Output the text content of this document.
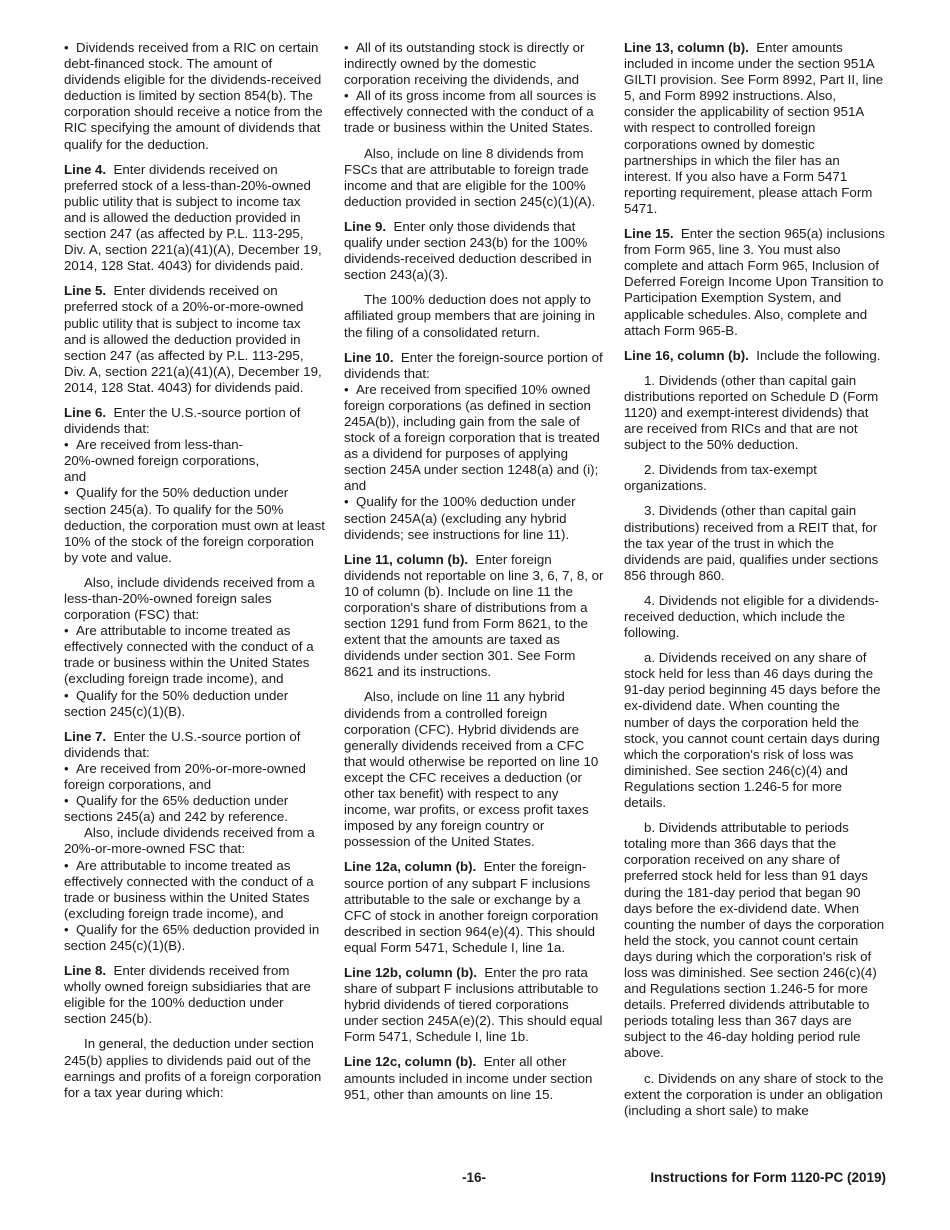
•  Dividends received from a RIC on certain debt-financed stock. The amount of dividends eligible for the dividends-received deduction is limited by section 854(b). The corporation should receive a notice from the RIC specifying the amount of dividends that qualify for the deduction.

Line 4. Enter dividends received on preferred stock of a less-than-20%-owned public utility that is subject to income tax and is allowed the deduction provided in section 247 (as affected by P.L. 113-295, Div. A, section 221(a)(41)(A), December 19, 2014, 128 Stat. 4043) for dividends paid.

Line 5. Enter dividends received on preferred stock of a 20%-or-more-owned public utility that is subject to income tax and is allowed the deduction provided in section 247 (as affected by P.L. 113-295, Div. A, section 221(a)(41)(A), December 19, 2014, 128 Stat. 4043) for dividends paid.

Line 6. Enter the U.S.-source portion of dividends that:

•  Are received from less-than-20%-owned foreign corporations, and

•  Qualify for the 50% deduction under section 245(a). To qualify for the 50% deduction, the corporation must own at least 10% of the stock of the foreign corporation by vote and value.

Also, include dividends received from a less-than-20%-owned foreign sales corporation (FSC) that:

•  Are attributable to income treated as effectively connected with the conduct of a trade or business within the United States (excluding foreign trade income), and

•  Qualify for the 50% deduction under section 245(c)(1)(B).

Line 7. Enter the U.S.-source portion of dividends that:

•  Are received from 20%-or-more-owned foreign corporations, and

•  Qualify for the 65% deduction under sections 245(a) and 242 by reference.

Also, include dividends received from a 20%-or-more-owned FSC that:

•  Are attributable to income treated as effectively connected with the conduct of a trade or business within the United States (excluding foreign trade income), and

•  Qualify for the 65% deduction provided in section 245(c)(1)(B).

Line 8. Enter dividends received from wholly owned foreign subsidiaries that are eligible for the 100% deduction under section 245(b).

In general, the deduction under section 245(b) applies to dividends paid out of the earnings and profits of a foreign corporation for a tax year during which:

•  All of its outstanding stock is directly or indirectly owned by the domestic corporation receiving the dividends, and

•  All of its gross income from all sources is effectively connected with the conduct of a trade or business within the United States.

Also, include on line 8 dividends from FSCs that are attributable to foreign trade income and that are eligible for the 100% deduction provided in section 245(c)(1)(A).

Line 9. Enter only those dividends that qualify under section 243(b) for the 100% dividends-received deduction described in section 243(a)(3).

The 100% deduction does not apply to affiliated group members that are joining in the filing of a consolidated return.

Line 10. Enter the foreign-source portion of dividends that:

•  Are received from specified 10% owned foreign corporations (as defined in section 245A(b)), including gain from the sale of stock of a foreign corporation that is treated as a dividend for purposes of applying section 245A under section 1248(a) and (i); and

•  Qualify for the 100% deduction under section 245A(a) (excluding any hybrid dividends; see instructions for line 11).

Line 11, column (b). Enter foreign dividends not reportable on line 3, 6, 7, 8, or 10 of column (b). Include on line 11 the corporation's share of distributions from a section 1291 fund from Form 8621, to the extent that the amounts are taxed as dividends under section 301. See Form 8621 and its instructions.

Also, include on line 11 any hybrid dividends from a controlled foreign corporation (CFC). Hybrid dividends are generally dividends received from a CFC that would otherwise be reported on line 10 except the CFC receives a deduction (or other tax benefit) with respect to any income, war profits, or excess profit taxes imposed by any foreign country or possession of the United States.

Line 12a, column (b). Enter the foreign-source portion of any subpart F inclusions attributable to the sale or exchange by a CFC of stock in another foreign corporation described in section 964(e)(4). This should equal Form 5471, Schedule I, line 1a.

Line 12b, column (b). Enter the pro rata share of subpart F inclusions attributable to hybrid dividends of tiered corporations under section 245A(e)(2). This should equal Form 5471, Schedule I, line 1b.

Line 12c, column (b). Enter all other amounts included in income under section 951, other than amounts on line 15.

Line 13, column (b). Enter amounts included in income under the section 951A GILTI provision. See Form 8992, Part II, line 5, and Form 8992 instructions. Also, consider the applicability of section 951A with respect to controlled foreign corporations owned by domestic partnerships in which the filer has an interest. If you also have a Form 5471 reporting requirement, please attach Form 5471.

Line 15. Enter the section 965(a) inclusions from Form 965, line 3. You must also complete and attach Form 965, Inclusion of Deferred Foreign Income Upon Transition to Participation Exemption System, and applicable schedules. Also, complete and attach Form 965-B.

Line 16, column (b). Include the following.

1. Dividends (other than capital gain distributions reported on Schedule D (Form 1120) and exempt-interest dividends) that are received from RICs and that are not subject to the 50% deduction.

2. Dividends from tax-exempt organizations.

3. Dividends (other than capital gain distributions) received from a REIT that, for the tax year of the trust in which the dividends are paid, qualifies under sections 856 through 860.

4. Dividends not eligible for a dividends-received deduction, which include the following.

a. Dividends received on any share of stock held for less than 46 days during the 91-day period beginning 45 days before the ex-dividend date. When counting the number of days the corporation held the stock, you cannot count certain days during which the corporation's risk of loss was diminished. See section 246(c)(4) and Regulations section 1.246-5 for more details.

b. Dividends attributable to periods totaling more than 366 days that the corporation received on any share of preferred stock held for less than 91 days during the 181-day period that began 90 days before the ex-dividend date. When counting the number of days the corporation held the stock, you cannot count certain days during which the corporation's risk of loss was diminished. See section 246(c)(4) and Regulations section 1.246-5 for more details. Preferred dividends attributable to periods totaling less than 367 days are subject to the 46-day holding period rule above.

c. Dividends on any share of stock to the extent the corporation is under an obligation (including a short sale) to make

-16-	Instructions for Form 1120-PC (2019)
